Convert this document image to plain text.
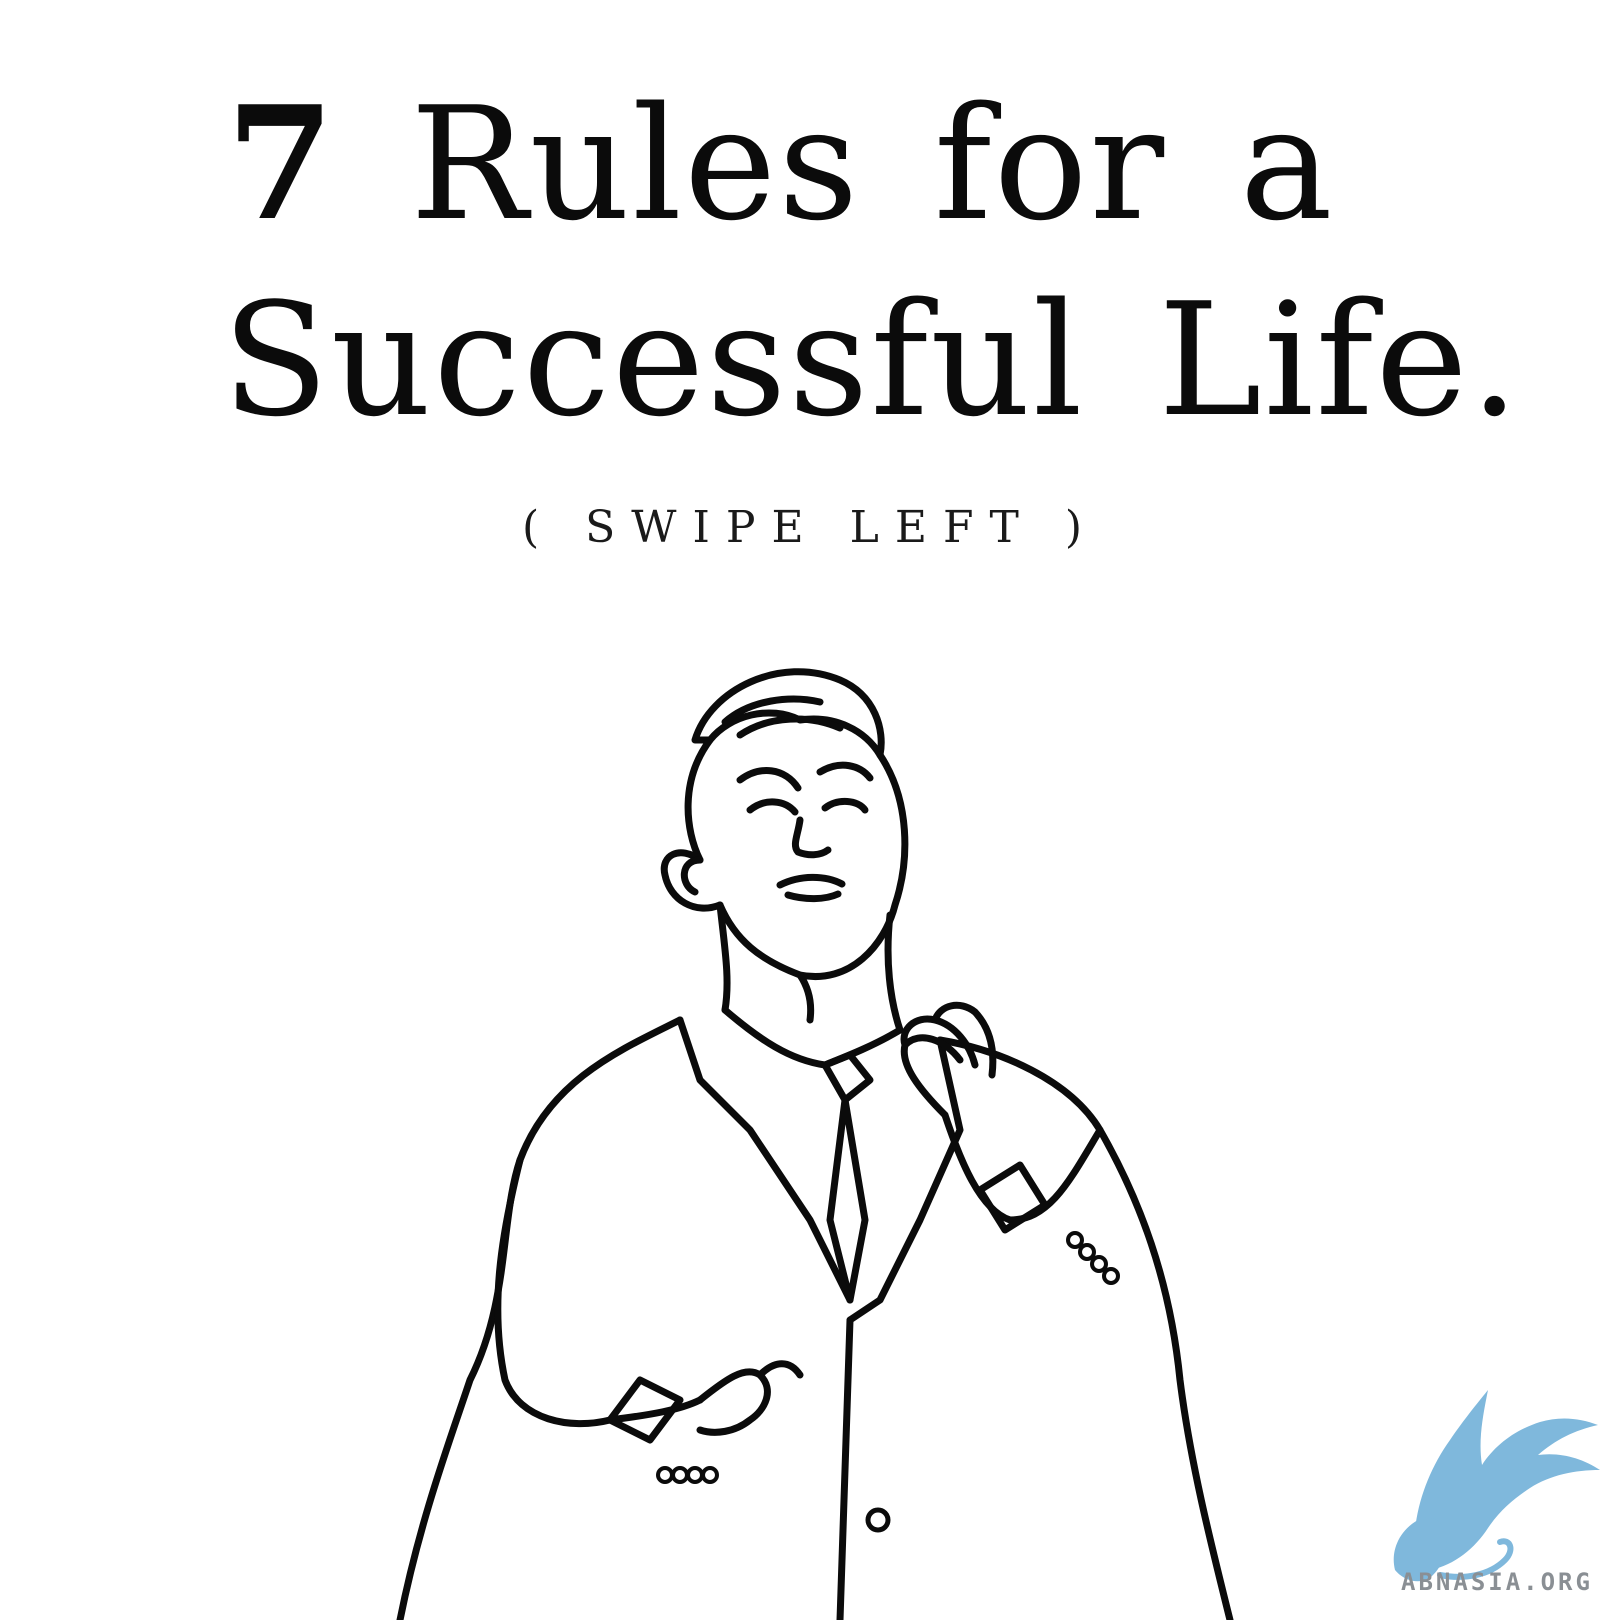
7 Rules for a
Successful Life.
( SWIPE LEFT )
ABNASIA.ORG
